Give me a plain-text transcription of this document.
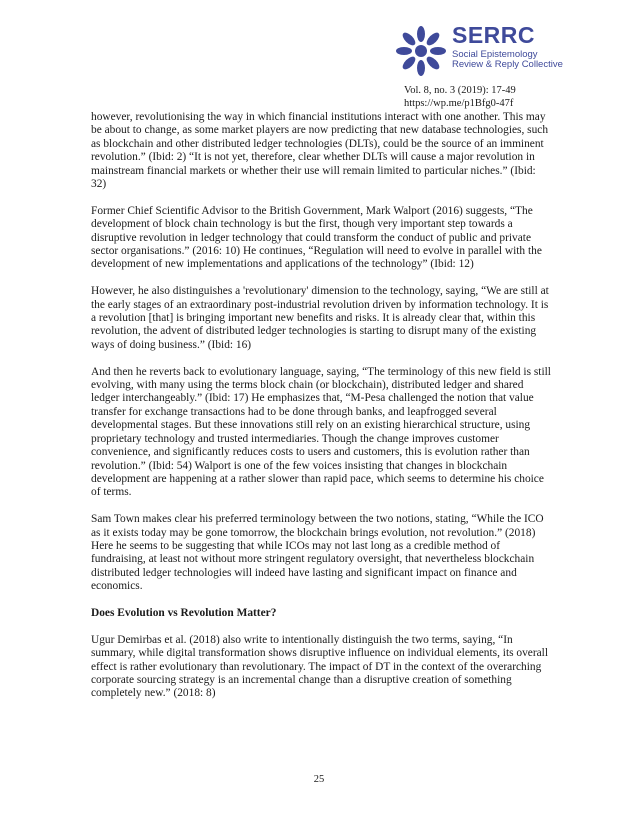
SERRC
Social Epistemology
Review & Reply Collective
Vol. 8, no. 3 (2019): 17-49
https://wp.me/p1Bfg0-47f

however, revolutionising the way in which financial institutions interact with one another. This may be about to change, as some market players are now predicting that new database technologies, such as blockchain and other distributed ledger technologies (DLTs), could be the source of an imminent revolution.” (Ibid: 2) “It is not yet, therefore, clear whether DLTs will cause a major revolution in mainstream financial markets or whether their use will remain limited to particular niches.” (Ibid: 32)

Former Chief Scientific Advisor to the British Government, Mark Walport (2016) suggests, “The development of block chain technology is but the first, though very important step towards a disruptive revolution in ledger technology that could transform the conduct of public and private sector organisations.” (2016: 10) He continues, “Regulation will need to evolve in parallel with the development of new implementations and applications of the technology” (Ibid: 12)

However, he also distinguishes a 'revolutionary' dimension to the technology, saying, “We are still at the early stages of an extraordinary post-industrial revolution driven by information technology. It is a revolution [that] is bringing important new benefits and risks. It is already clear that, within this revolution, the advent of distributed ledger technologies is starting to disrupt many of the existing ways of doing business.” (Ibid: 16)

And then he reverts back to evolutionary language, saying, “The terminology of this new field is still evolving, with many using the terms block chain (or blockchain), distributed ledger and shared ledger interchangeably.” (Ibid: 17) He emphasizes that, “M-Pesa challenged the notion that value transfer for exchange transactions had to be done through banks, and leapfrogged several developmental stages. But these innovations still rely on an existing hierarchical structure, using proprietary technology and trusted intermediaries. Though the change improves customer convenience, and significantly reduces costs to users and customers, this is evolution rather than revolution.” (Ibid: 54) Walport is one of the few voices insisting that changes in blockchain development are happening at a rather slower than rapid pace, which seems to determine his choice of terms.

Sam Town makes clear his preferred terminology between the two notions, stating, “While the ICO as it exists today may be gone tomorrow, the blockchain brings evolution, not revolution.” (2018) Here he seems to be suggesting that while ICOs may not last long as a credible method of fundraising, at least not without more stringent regulatory oversight, that nevertheless blockchain distributed ledger technologies will indeed have lasting and significant impact on finance and economics.

Does Evolution vs Revolution Matter?

Ugur Demirbas et al. (2018) also write to intentionally distinguish the two terms, saying, “In summary, while digital transformation shows disruptive influence on individual elements, its overall effect is rather evolutionary than revolutionary. The impact of DT in the context of the overarching corporate sourcing strategy is an incremental change than a disruptive creation of something completely new.” (2018: 8)

25
